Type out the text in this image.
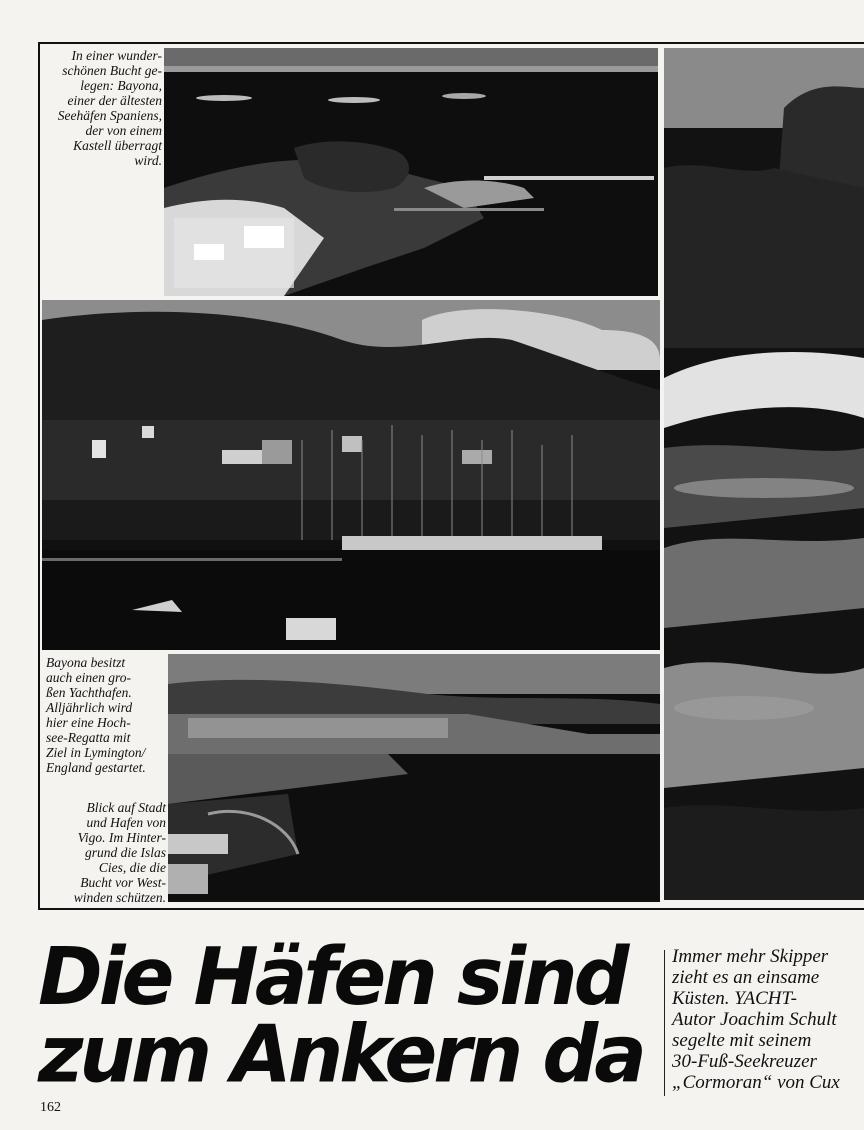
In einer wunder-
schönen Bucht ge-
legen: Bayona,
einer der ältesten
Seehäfen Spaniens,
der von einem
Kastell überragt
wird.

Bayona besitzt
auch einen gro-
ßen Yachthafen.
Alljährlich wird
hier eine Hoch-
see-Regatta mit
Ziel in Lymington/
England gestartet.

Blick auf Stadt
und Hafen von
Vigo. Im Hinter-
grund die Islas
Cies, die die
Bucht vor West-
winden schützen.

Die Häfen sind
zum Ankern da

Immer mehr Skipper
zieht es an einsame
Küsten. YACHT-
Autor Joachim Schult
segelte mit seinem
30-Fuß-Seekreuzer
„Cormoran“ von Cux

162
